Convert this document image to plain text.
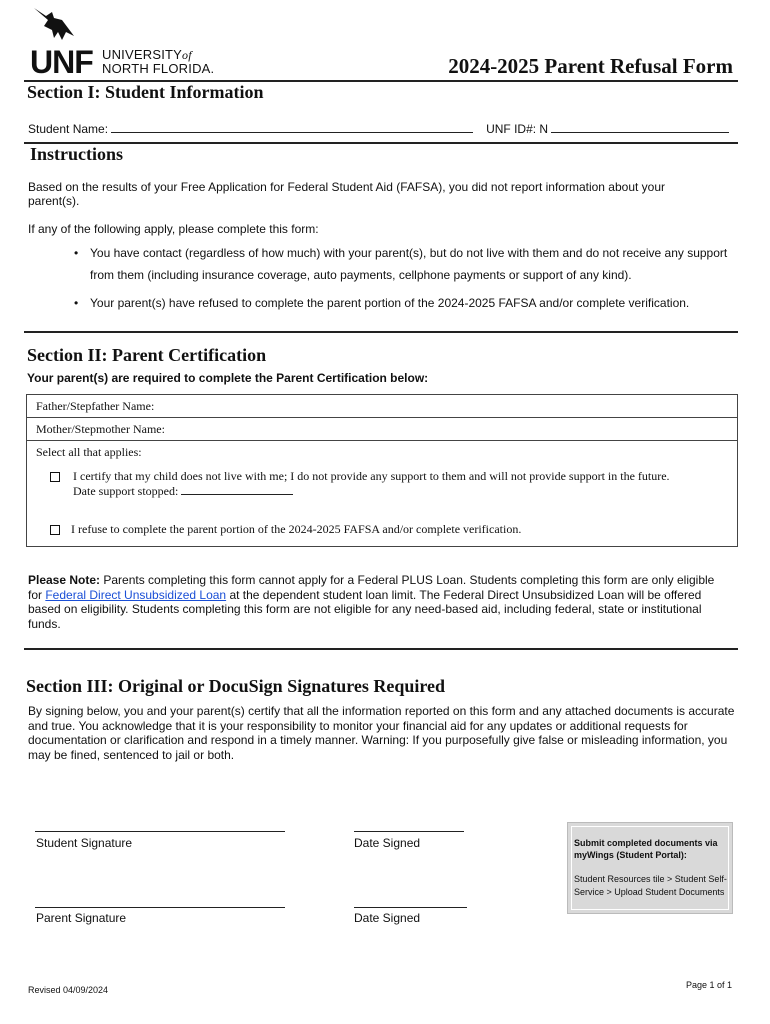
UNF UNIVERSITYof
NORTH FLORIDA.	2024-2025 Parent Refusal Form
Section I: Student Information
Student Name:	UNF ID#: N
Instructions
Based on the results of your Free Application for Federal Student Aid (FAFSA), you did not report information about your parent(s).
If any of the following apply, please complete this form:
• You have contact (regardless of how much) with your parent(s), but do not live with them and do not receive any support from them (including insurance coverage, auto payments, cellphone payments or support of any kind).
• Your parent(s) have refused to complete the parent portion of the 2024-2025 FAFSA and/or complete verification.
Section II: Parent Certification
Your parent(s) are required to complete the Parent Certification below:
Father/Stepfather Name:
Mother/Stepmother Name:
Select all that applies:
I certify that my child does not live with me; I do not provide any support to them and will not provide support in the future.
Date support stopped:
I refuse to complete the parent portion of the 2024-2025 FAFSA and/or complete verification.
Please Note: Parents completing this form cannot apply for a Federal PLUS Loan. Students completing this form are only eligible for Federal Direct Unsubsidized Loan at the dependent student loan limit. The Federal Direct Unsubsidized Loan will be offered based on eligibility. Students completing this form are not eligible for any need-based aid, including federal, state or institutional funds.
Section III: Original or DocuSign Signatures Required
By signing below, you and your parent(s) certify that all the information reported on this form and any attached documents is accurate and true. You acknowledge that it is your responsibility to monitor your financial aid for any updates or additional requests for documentation or clarification and respond in a timely manner. Warning: If you purposefully give false or misleading information, you may be fined, sentenced to jail or both.
Student Signature	Date Signed
Parent Signature	Date Signed
Submit completed documents via myWings (Student Portal):
Student Resources tile > Student Self-Service > Upload Student Documents
Revised 04/09/2024	Page 1 of 1
